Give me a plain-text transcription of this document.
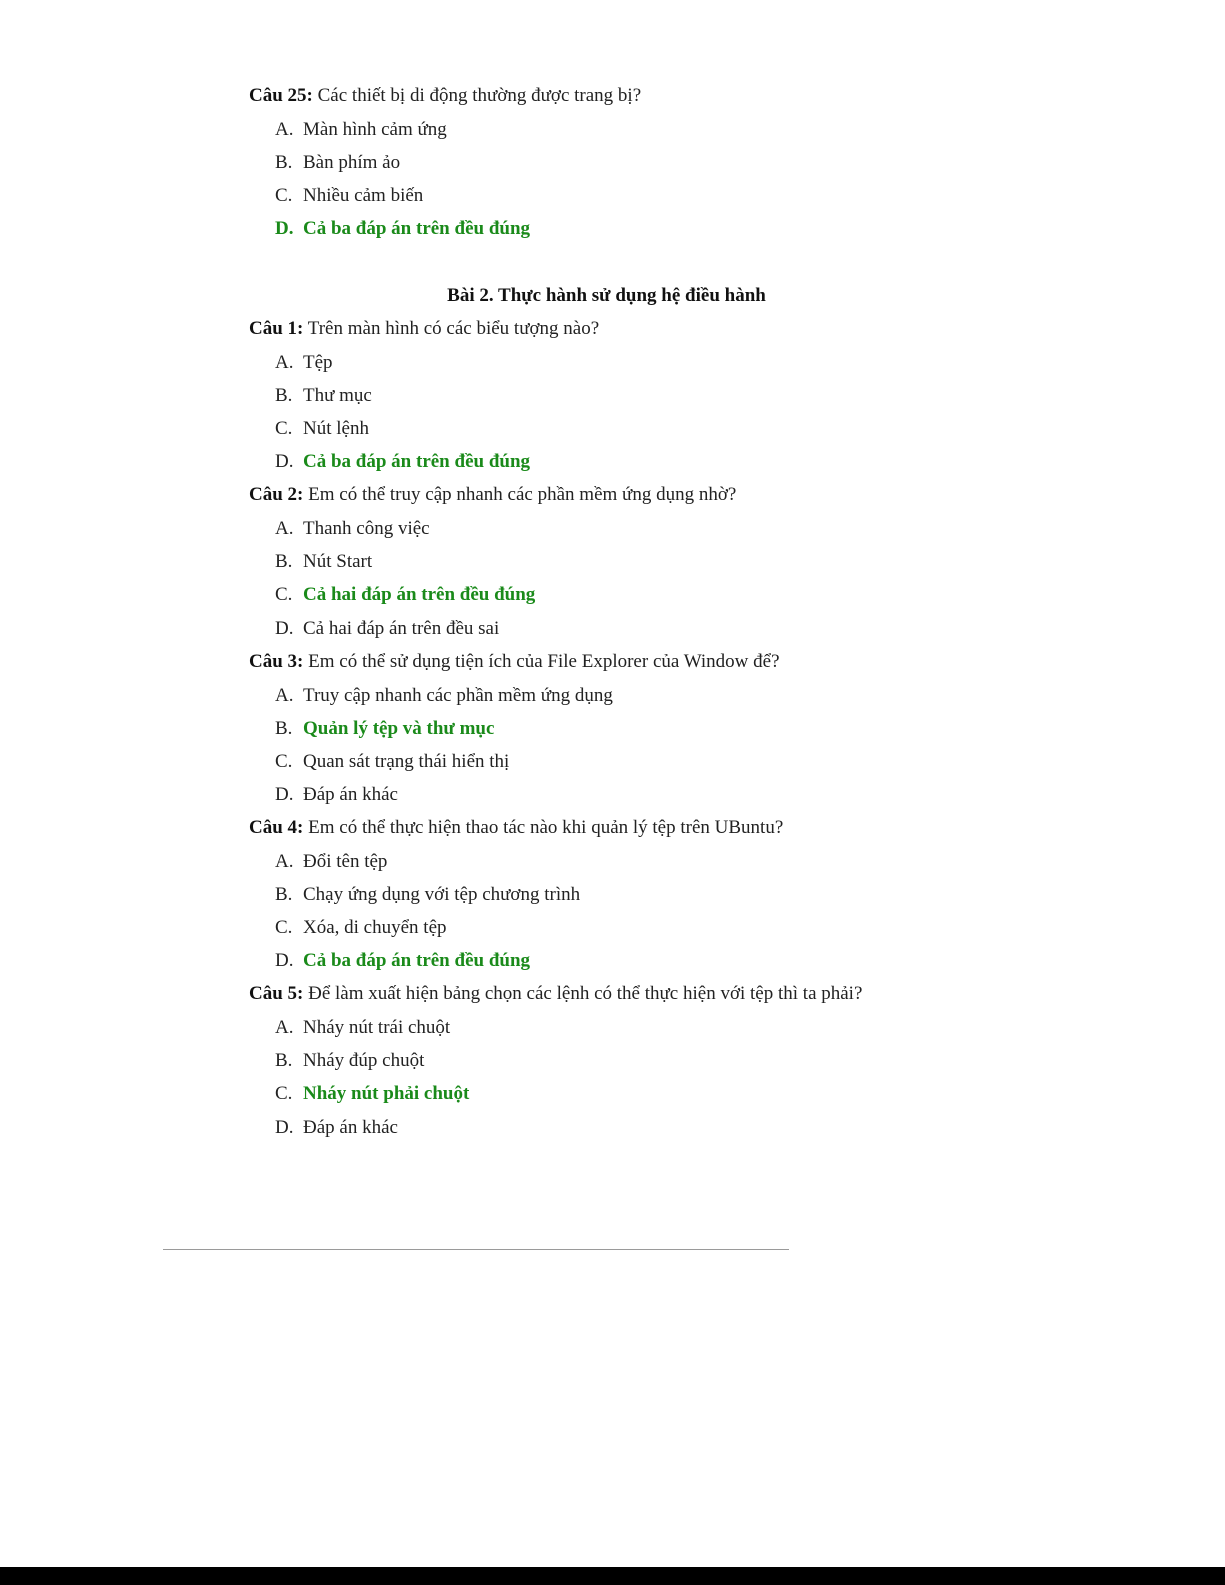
Câu 25: Các thiết bị di động thường được trang bị?
A. Màn hình cảm ứng
B. Bàn phím ảo
C. Nhiều cảm biến
D. Cả ba đáp án trên đều đúng
Bài 2. Thực hành sử dụng hệ điều hành
Câu 1: Trên màn hình có các biểu tượng nào?
A. Tệp
B. Thư mục
C. Nút lệnh
D. Cả ba đáp án trên đều đúng
Câu 2: Em có thể truy cập nhanh các phần mềm ứng dụng nhờ?
A. Thanh công việc
B. Nút Start
C. Cả hai đáp án trên đều đúng
D. Cả hai đáp án trên đều sai
Câu 3: Em có thể sử dụng tiện ích của File Explorer của Window để?
A. Truy cập nhanh các phần mềm ứng dụng
B. Quản lý tệp và thư mục
C. Quan sát trạng thái hiển thị
D. Đáp án khác
Câu 4: Em có thể thực hiện thao tác nào khi quản lý tệp trên UBuntu?
A. Đổi tên tệp
B. Chạy ứng dụng với tệp chương trình
C. Xóa, di chuyển tệp
D. Cả ba đáp án trên đều đúng
Câu 5: Để làm xuất hiện bảng chọn các lệnh có thể thực hiện với tệp thì ta phải?
A. Nháy nút trái chuột
B. Nháy đúp chuột
C. Nháy nút phải chuột
D. Đáp án khác
